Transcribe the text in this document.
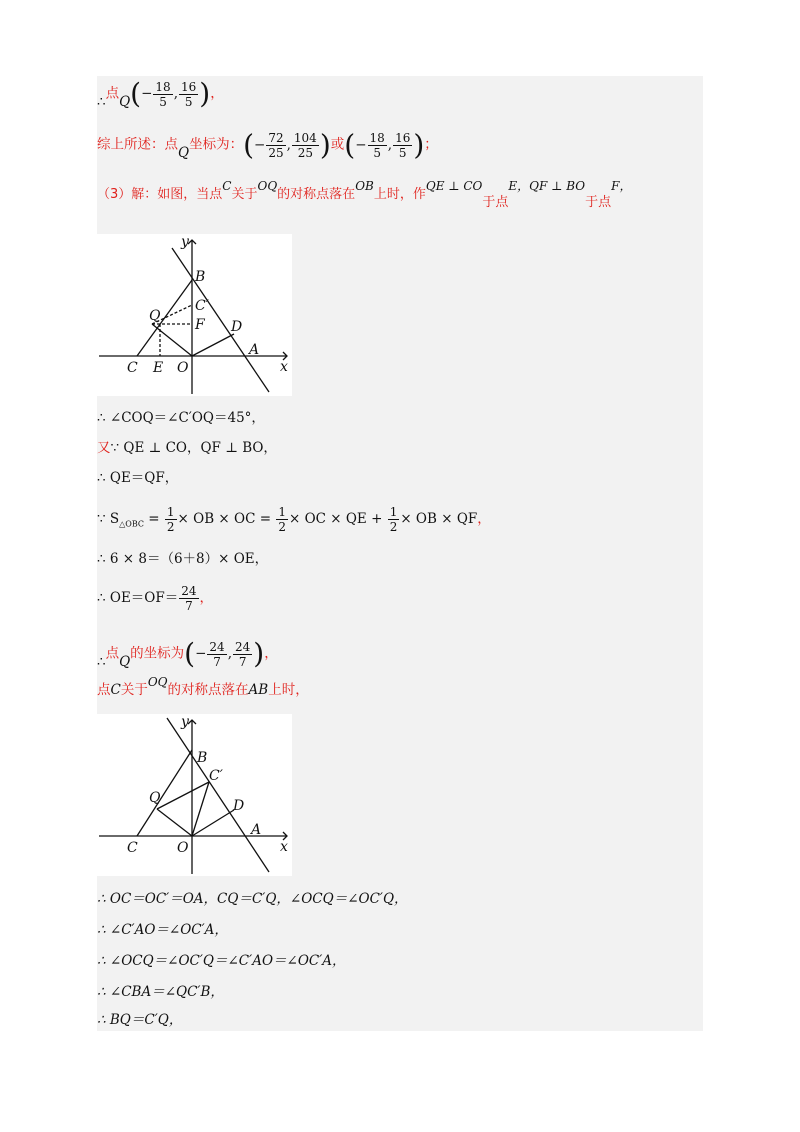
∴点$Q(- \frac{18}{5}$ , $\frac{16}{5}$ )，
综上所述：点Q坐标为：(− $\frac{72}{25}$ , $\frac{104}{25}$ )或(− $\frac{18}{5}$ , $\frac{16}{5}$ )；
（3）解：如图，当点C关于OQ的对称点落在OB上时，作QE ⊥ CO于点E，QF ⊥ BO于点F，
y
x
B
C′
Q
F D
A
C E O
∴ ∠COQ＝∠C′OQ＝45°，
又∵ QE ⊥ CO，QF ⊥ BO，
∴ QE＝QF，
∵ $S_{\triangle OBC} = \frac{1}{2}$ × OB × OC = $\frac{1}{2}$ × OC × QE + $\frac{1}{2}$ × OB × QF，
∴ 6 × 8＝（6＋8）× OE，
∴ $OE=OF= \frac{24}{7}$ ，
∴点Q的坐标为(− $\frac{24}{7}$ , $\frac{24}{7}$ )，
点C关于OQ的对称点落在AB上时，
y
x
B
C′
Q	D
A
C	O
∴ OC＝OC′＝OA，CQ＝C′Q，∠OCQ＝∠OC′Q，
∴ ∠C′AO＝∠OC′A，
∴ ∠OCQ＝∠OC′Q＝∠C′AO＝∠OC′A，
∴ ∠CBA＝∠QC′B，
∴ BQ＝C′Q，
